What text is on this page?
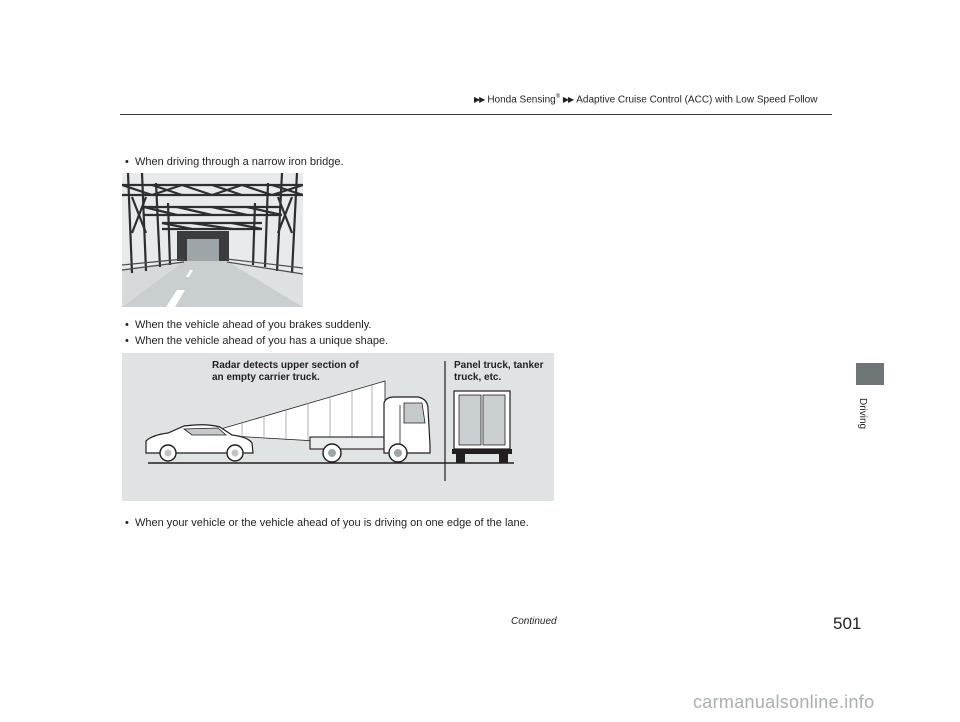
▶▶ Honda Sensing® ▶▶ Adaptive Cruise Control (ACC) with Low Speed Follow
• When driving through a narrow iron bridge.
• When the vehicle ahead of you brakes suddenly.
• When the vehicle ahead of you has a unique shape.
Radar detects upper section of
an empty carrier truck.
Panel truck, tanker
truck, etc.
• When your vehicle or the vehicle ahead of you is driving on one edge of the lane.
Driving
Continued	501
carmanualsonline.info
